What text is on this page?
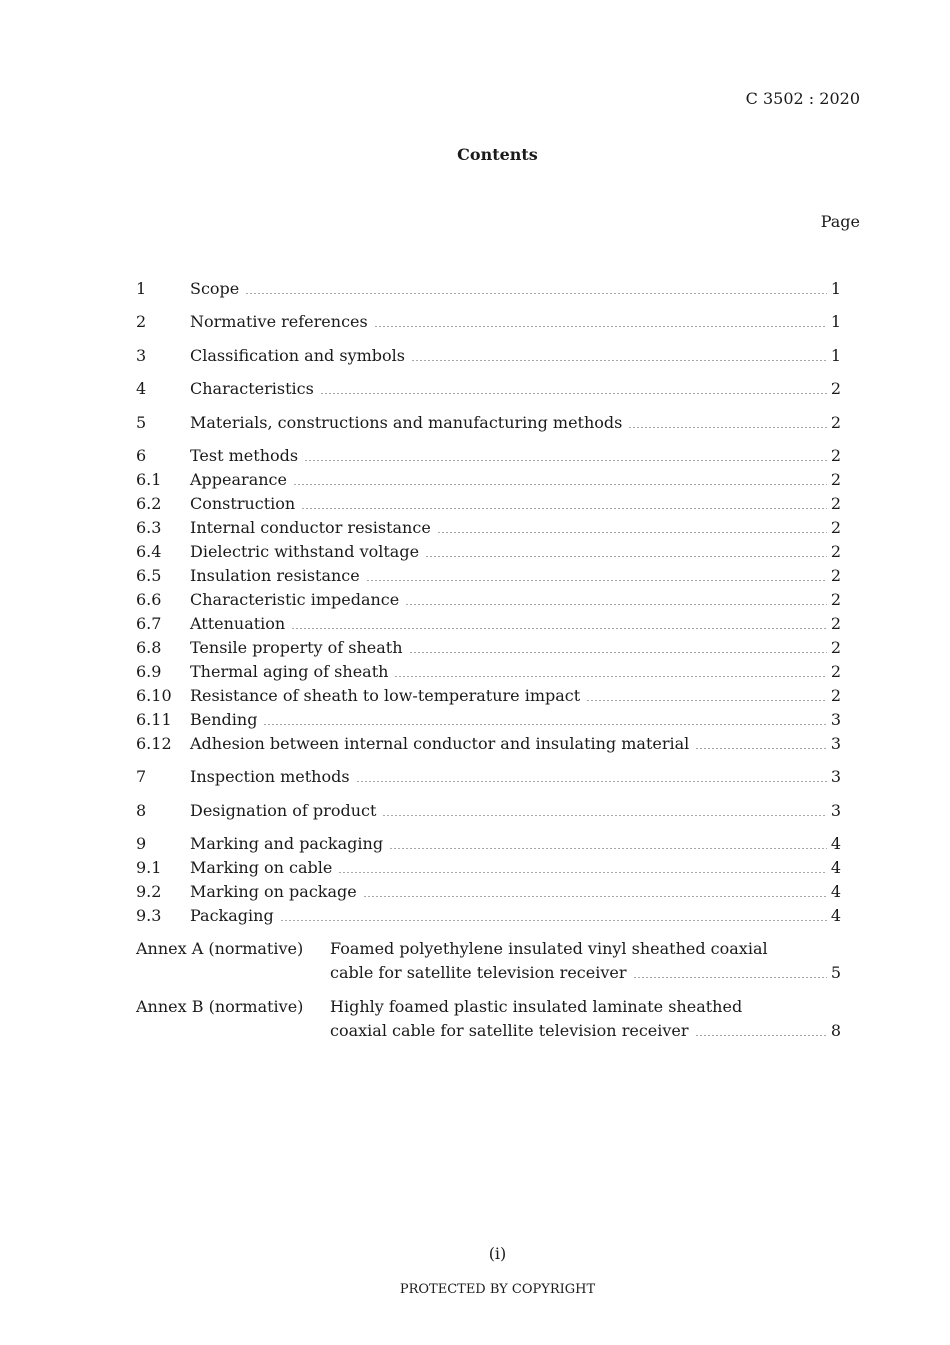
C 3502 : 2020
Contents
Page
1	Scope	1
2	Normative references	1
3	Classification and symbols	1
4	Characteristics	2
5	Materials, constructions and manufacturing methods	2
6	Test methods	2
6.1 Appearance	2
6.2 Construction	2
6.3 Internal conductor resistance	2
6.4 Dielectric withstand voltage	2
6.5 Insulation resistance	2
6.6 Characteristic impedance	2
6.7 Attenuation	2
6.8 Tensile property of sheath	2
6.9 Thermal aging of sheath	2
6.10 Resistance of sheath to low-temperature impact	2
6.11 Bending	3
6.12 Adhesion between internal conductor and insulating material	3
7	Inspection methods	3
8	Designation of product	3
9	Marking and packaging	4
9.1 Marking on cable	4
9.2 Marking on package	4
9.3 Packaging	4
Annex A (normative) Foamed polyethylene insulated vinyl sheathed coaxial
cable for satellite television receiver	5
Annex B (normative) Highly foamed plastic insulated laminate sheathed
coaxial cable for satellite television receiver	8
(i)
PROTECTED BY COPYRIGHT
